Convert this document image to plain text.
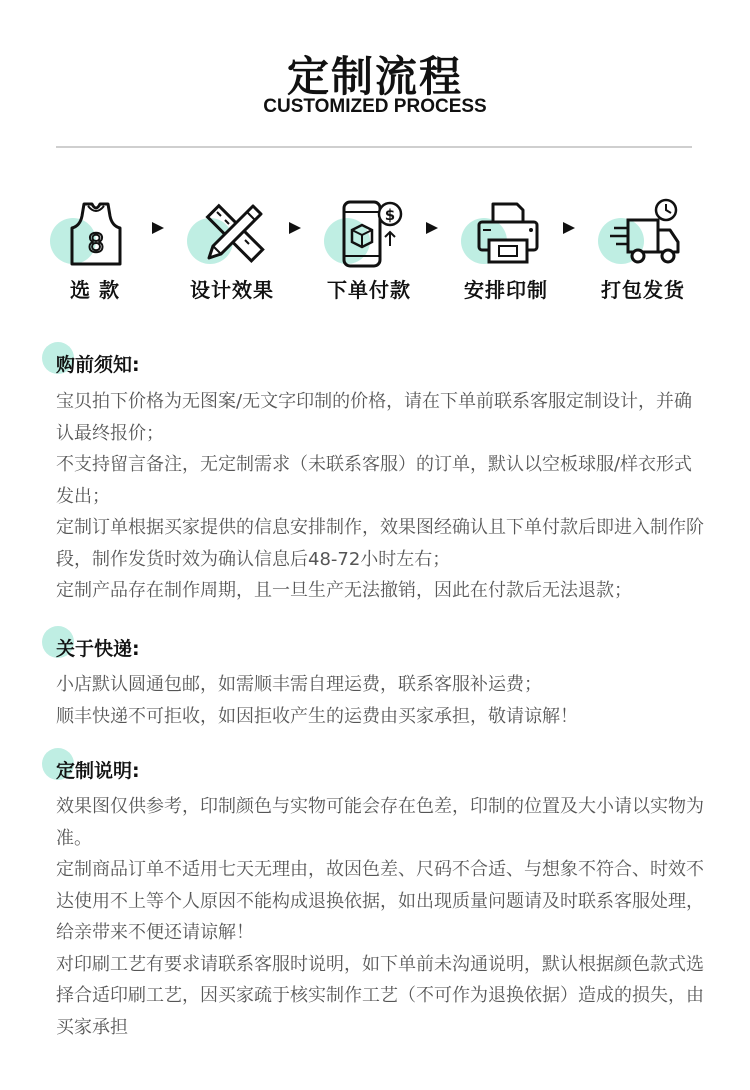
定制流程
CUSTOMIZED PROCESS
8
选 款	设计效果
$
下单付款	安排印制	打包发货
购前须知:

宝贝拍下价格为无图案/无文字印制的价格，请在下单前联系客服定制设计，并确认最终报价；

不支持留言备注，无定制需求（未联系客服）的订单，默认以空板球服/样衣形式发出；

定制订单根据买家提供的信息安排制作，效果图经确认且下单付款后即进入制作阶段，制作发货时效为确认信息后48-72小时左右；

定制产品存在制作周期，且一旦生产无法撤销，因此在付款后无法退款；

关于快递:

小店默认圆通包邮，如需顺丰需自理运费，联系客服补运费；

顺丰快递不可拒收，如因拒收产生的运费由买家承担，敬请谅解！

定制说明:

效果图仅供参考，印制颜色与实物可能会存在色差，印制的位置及大小请以实物为准。

定制商品订单不适用七天无理由，故因色差、尺码不合适、与想象不符合、时效不达使用不上等个人原因不能构成退换依据，如出现质量问题请及时联系客服处理，给亲带来不便还请谅解！

对印刷工艺有要求请联系客服时说明，如下单前未沟通说明，默认根据颜色款式选择合适印刷工艺，因买家疏于核实制作工艺（不可作为退换依据）造成的损失，由买家承担
